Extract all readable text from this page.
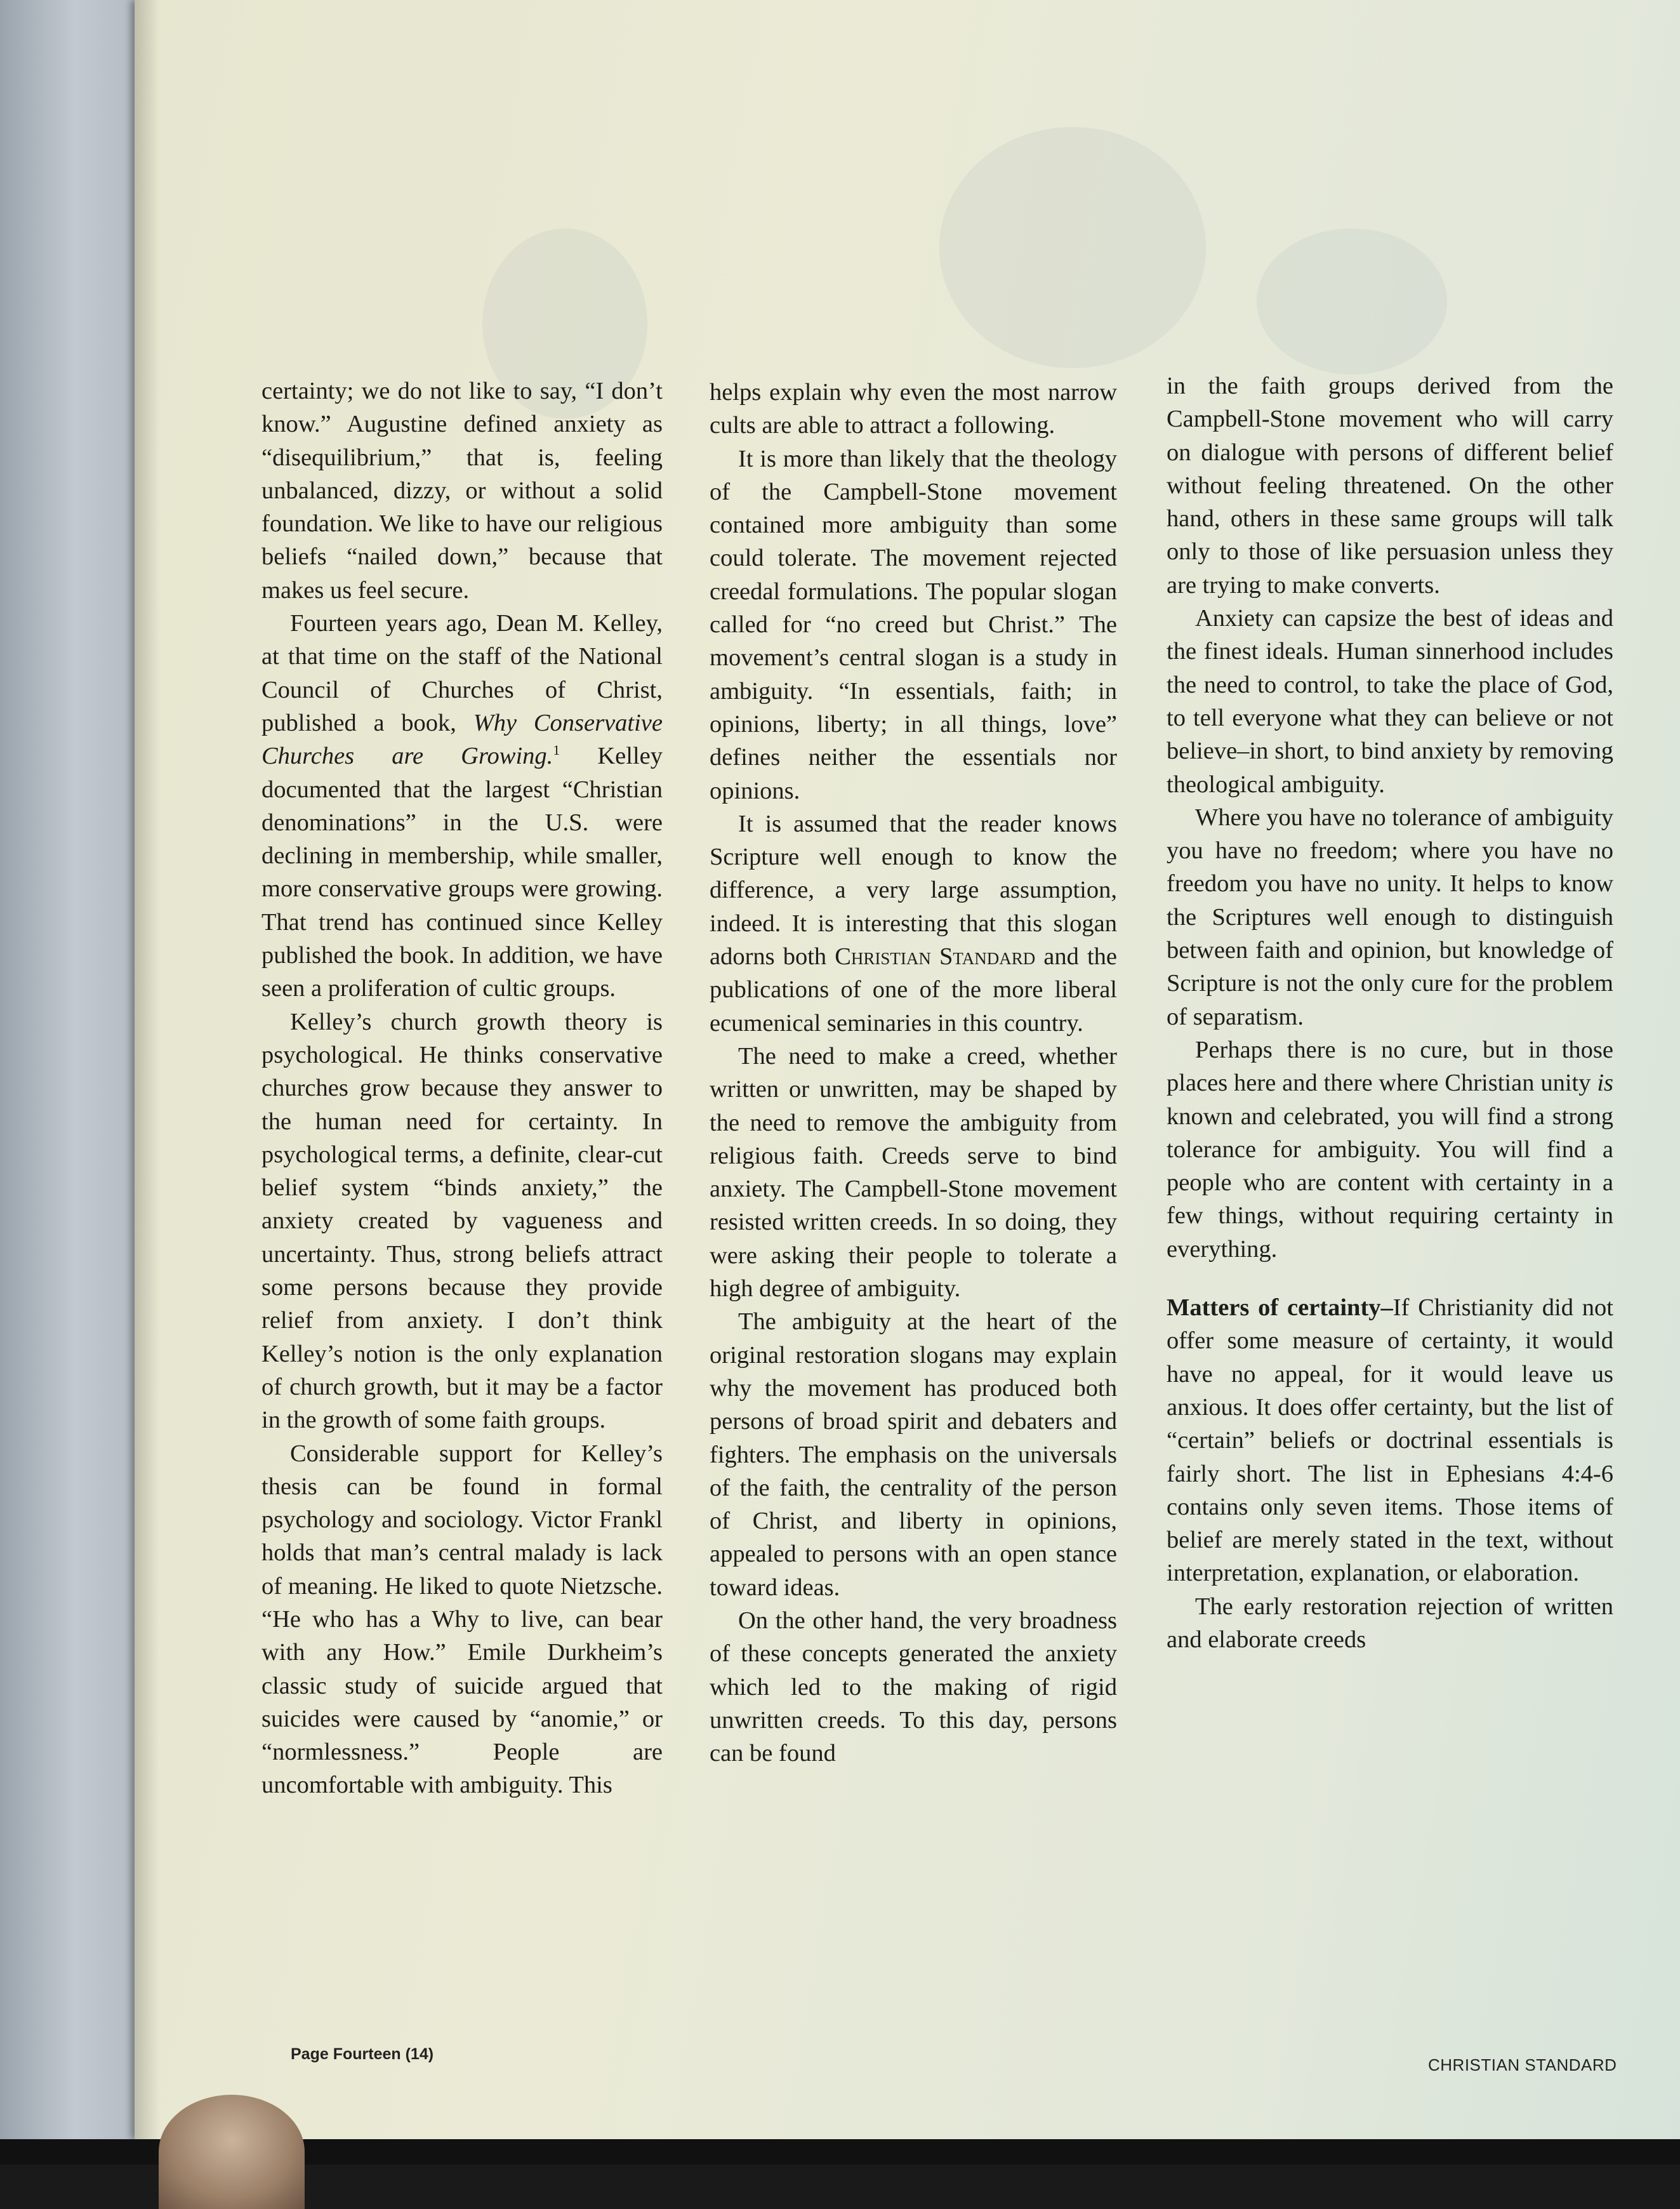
certainty; we do not like to say, “I don’t know.” Augustine defined anxiety as “disequilibrium,” that is, feeling unbalanced, dizzy, or without a solid foundation. We like to have our religious beliefs “nailed down,” because that makes us feel secure.

Fourteen years ago, Dean M. Kelley, at that time on the staff of the National Council of Churches of Christ, published a book, Why Conservative Churches are Growing.$^1$ Kelley documented that the largest “Christian denominations” in the U.S. were declining in membership, while smaller, more conservative groups were growing. That trend has continued since Kelley published the book. In addition, we have seen a proliferation of cultic groups.

Kelley’s church growth theory is psychological. He thinks conservative churches grow because they answer to the human need for certainty. In psychological terms, a definite, clear-cut belief system “binds anxiety,” the anxiety created by vagueness and uncertainty. Thus, strong beliefs attract some persons because they provide relief from anxiety. I don’t think Kelley’s notion is the only explanation of church growth, but it may be a factor in the growth of some faith groups.

Considerable support for Kelley’s thesis can be found in formal psychology and sociology. Victor Frankl holds that man’s central malady is lack of meaning. He liked to quote Nietzsche. “He who has a Why to live, can bear with any How.” Emile Durkheim’s classic study of suicide argued that suicides were caused by “anomie,” or “normlessness.” People are uncomfortable with ambiguity. This

helps explain why even the most narrow cults are able to attract a following.

It is more than likely that the theology of the Campbell-Stone movement contained more ambiguity than some could tolerate. The movement rejected creedal formulations. The popular slogan called for “no creed but Christ.” The movement’s central slogan is a study in ambiguity. “In essentials, faith; in opinions, liberty; in all things, love” defines neither the essentials nor opinions.

It is assumed that the reader knows Scripture well enough to know the difference, a very large assumption, indeed. It is interesting that this slogan adorns both Christian Standard and the publications of one of the more liberal ecumenical seminaries in this country.

The need to make a creed, whether written or unwritten, may be shaped by the need to remove the ambiguity from religious faith. Creeds serve to bind anxiety. The Campbell-Stone movement resisted written creeds. In so doing, they were asking their people to tolerate a high degree of ambiguity.

The ambiguity at the heart of the original restoration slogans may explain why the movement has produced both persons of broad spirit and debaters and fighters. The emphasis on the universals of the faith, the centrality of the person of Christ, and liberty in opinions, appealed to persons with an open stance toward ideas.

On the other hand, the very broadness of these concepts generated the anxiety which led to the making of rigid unwritten creeds. To this day, persons can be found

in the faith groups derived from the Campbell-Stone movement who will carry on dialogue with persons of different belief without feeling threatened. On the other hand, others in these same groups will talk only to those of like persuasion unless they are trying to make converts.

Anxiety can capsize the best of ideas and the finest ideals. Human sinnerhood includes the need to control, to take the place of God, to tell everyone what they can believe or not believe–in short, to bind anxiety by removing theological ambiguity.

Where you have no tolerance of ambiguity you have no freedom; where you have no freedom you have no unity. It helps to know the Scriptures well enough to distinguish between faith and opinion, but knowledge of Scripture is not the only cure for the problem of separatism.

Perhaps there is no cure, but in those places here and there where Christian unity is known and celebrated, you will find a strong tolerance for ambiguity. You will find a people who are content with certainty in a few things, without requiring certainty in everything.

Matters of certainty–If Christianity did not offer some measure of certainty, it would have no appeal, for it would leave us anxious. It does offer certainty, but the list of “certain” beliefs or doctrinal essentials is fairly short. The list in Ephesians 4:4-6 contains only seven items. Those items of belief are merely stated in the text, without interpretation, explanation, or elaboration.

The early restoration rejection of written and elaborate creeds

Page Fourteen (14)
CHRISTIAN STANDARD
